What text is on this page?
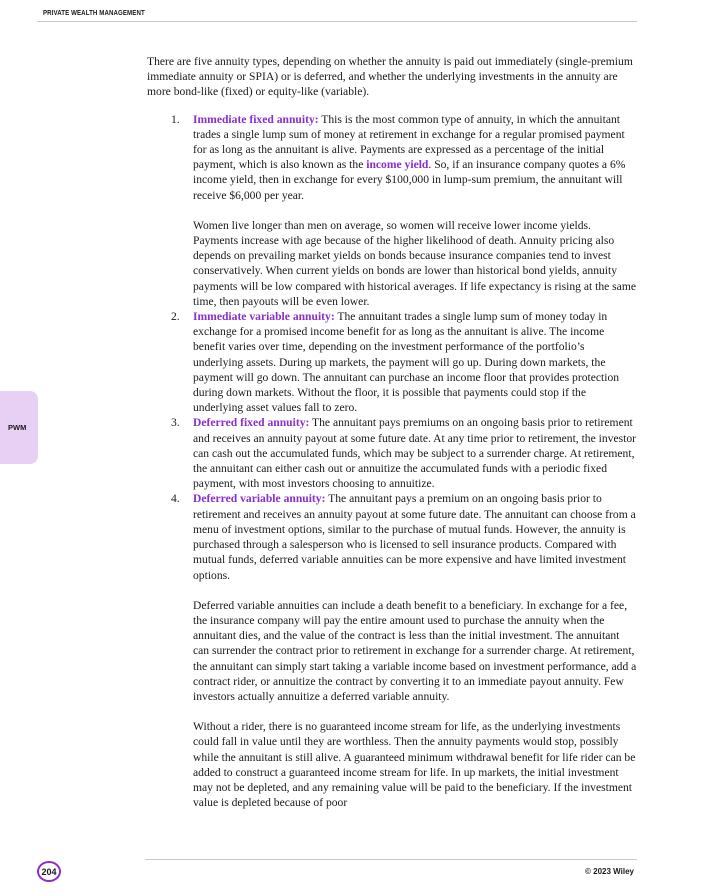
PRIVATE WEALTH MANAGEMENT
PWM

There are five annuity types, depending on whether the annuity is paid out immediately (single-premium immediate annuity or SPIA) or is deferred, and whether the underlying investments in the annuity are more bond-like (fixed) or equity-like (variable).

1. Immediate fixed annuity: This is the most common type of annuity, in which the annuitant trades a single lump sum of money at retirement in exchange for a regular promised payment for as long as the annuitant is alive. Payments are expressed as a percentage of the initial payment, which is also known as the income yield. So, if an insurance company quotes a 6% income yield, then in exchange for every $100,000 in lump-sum premium, the annuitant will receive $6,000 per year.

Women live longer than men on average, so women will receive lower income yields. Payments increase with age because of the higher likelihood of death. Annuity pricing also depends on prevailing market yields on bonds because insurance companies tend to invest conservatively. When current yields on bonds are lower than historical bond yields, annuity payments will be low compared with historical averages. If life expectancy is rising at the same time, then payouts will be even lower.

2. Immediate variable annuity: The annuitant trades a single lump sum of money today in exchange for a promised income benefit for as long as the annuitant is alive. The income benefit varies over time, depending on the investment performance of the portfolio’s underlying assets. During up markets, the payment will go up. During down markets, the payment will go down. The annuitant can purchase an income floor that provides protection during down markets. Without the floor, it is possible that payments could stop if the underlying asset values fall to zero.

3. Deferred fixed annuity: The annuitant pays premiums on an ongoing basis prior to retirement and receives an annuity payout at some future date. At any time prior to retirement, the investor can cash out the accumulated funds, which may be subject to a surrender charge. At retirement, the annuitant can either cash out or annuitize the accumulated funds with a periodic fixed payment, with most investors choosing to annuitize.

4. Deferred variable annuity: The annuitant pays a premium on an ongoing basis prior to retirement and receives an annuity payout at some future date. The annuitant can choose from a menu of investment options, similar to the purchase of mutual funds. However, the annuity is purchased through a salesperson who is licensed to sell insurance products. Compared with mutual funds, deferred variable annuities can be more expensive and have limited investment options.

Deferred variable annuities can include a death benefit to a beneficiary. In exchange for a fee, the insurance company will pay the entire amount used to purchase the annuity when the annuitant dies, and the value of the contract is less than the initial investment. The annuitant can surrender the contract prior to retirement in exchange for a surrender charge. At retirement, the annuitant can simply start taking a variable income based on investment performance, add a contract rider, or annuitize the contract by converting it to an immediate payout annuity. Few investors actually annuitize a deferred variable annuity.

Without a rider, there is no guaranteed income stream for life, as the underlying investments could fall in value until they are worthless. Then the annuity payments would stop, possibly while the annuitant is still alive. A guaranteed minimum withdrawal benefit for life rider can be added to construct a guaranteed income stream for life. In up markets, the initial investment may not be depleted, and any remaining value will be paid to the beneficiary. If the investment value is depleted because of poor

204	© 2023 Wiley
